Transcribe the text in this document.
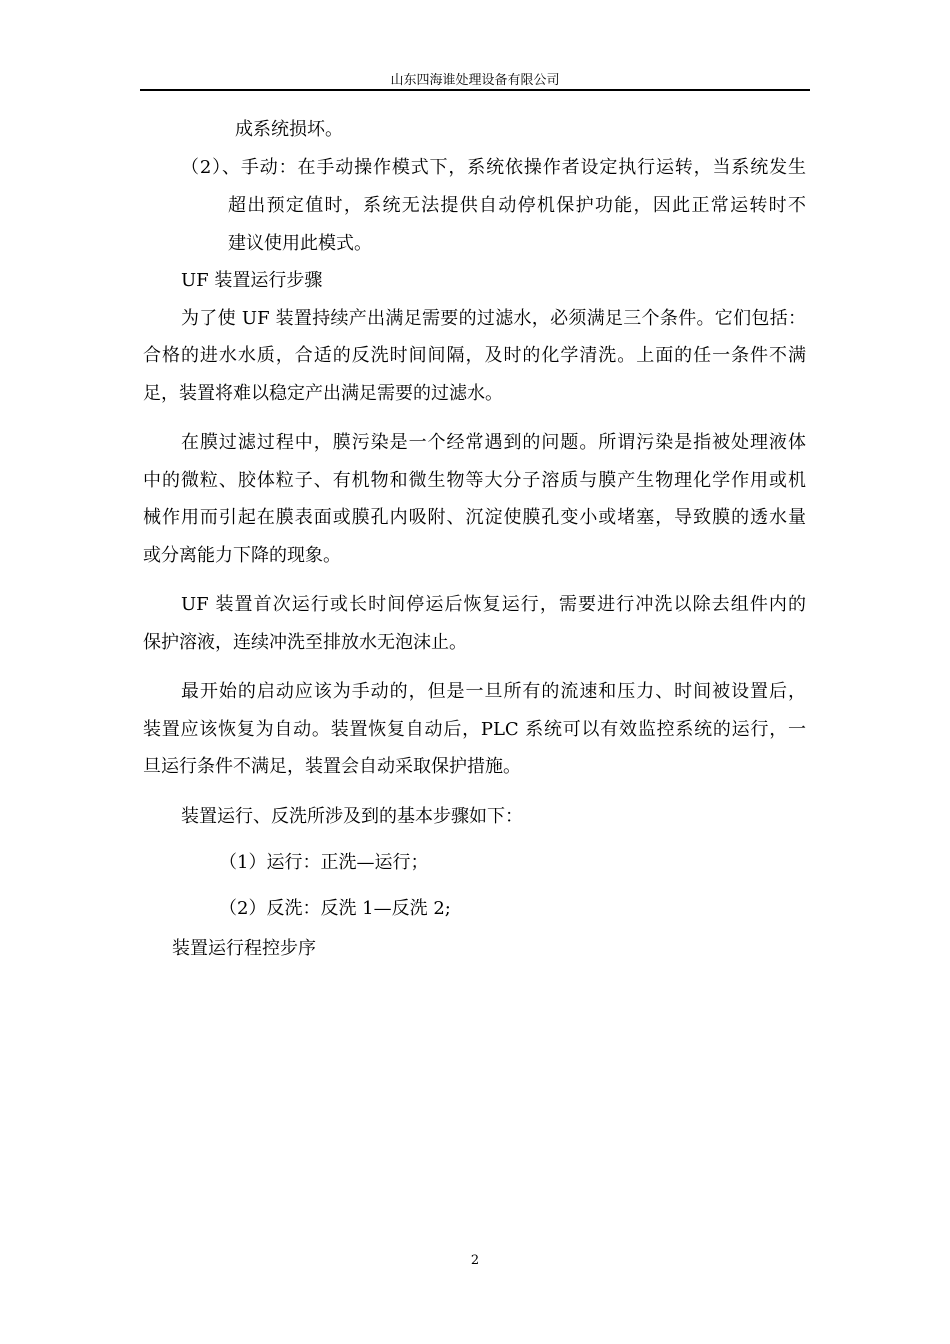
山东四海谁处理设备有限公司
成系统损坏。
（2）、手动：在手动操作模式下，系统依操作者设定执行运转，当系统发生
超出预定值时，系统无法提供自动停机保护功能，因此正常运转时不
建议使用此模式。
UF 装置运行步骤
为了使 UF 装置持续产出满足需要的过滤水，必须满足三个条件。它们包括：
合格的进水水质，合适的反洗时间间隔，及时的化学清洗。上面的任一条件不满
足，装置将难以稳定产出满足需要的过滤水。
在膜过滤过程中，膜污染是一个经常遇到的问题。所谓污染是指被处理液体
中的微粒、胶体粒子、有机物和微生物等大分子溶质与膜产生物理化学作用或机
械作用而引起在膜表面或膜孔内吸附、沉淀使膜孔变小或堵塞，导致膜的透水量
或分离能力下降的现象。
UF 装置首次运行或长时间停运后恢复运行，需要进行冲洗以除去组件内的
保护溶液，连续冲洗至排放水无泡沫止。
最开始的启动应该为手动的，但是一旦所有的流速和压力、时间被设置后，
装置应该恢复为自动。装置恢复自动后，PLC 系统可以有效监控系统的运行，一
旦运行条件不满足，装置会自动采取保护措施。
装置运行、反洗所涉及到的基本步骤如下：
（1）运行：正洗—运行；
（2）反洗：反洗 1—反洗 2;
装置运行程控步序
2
